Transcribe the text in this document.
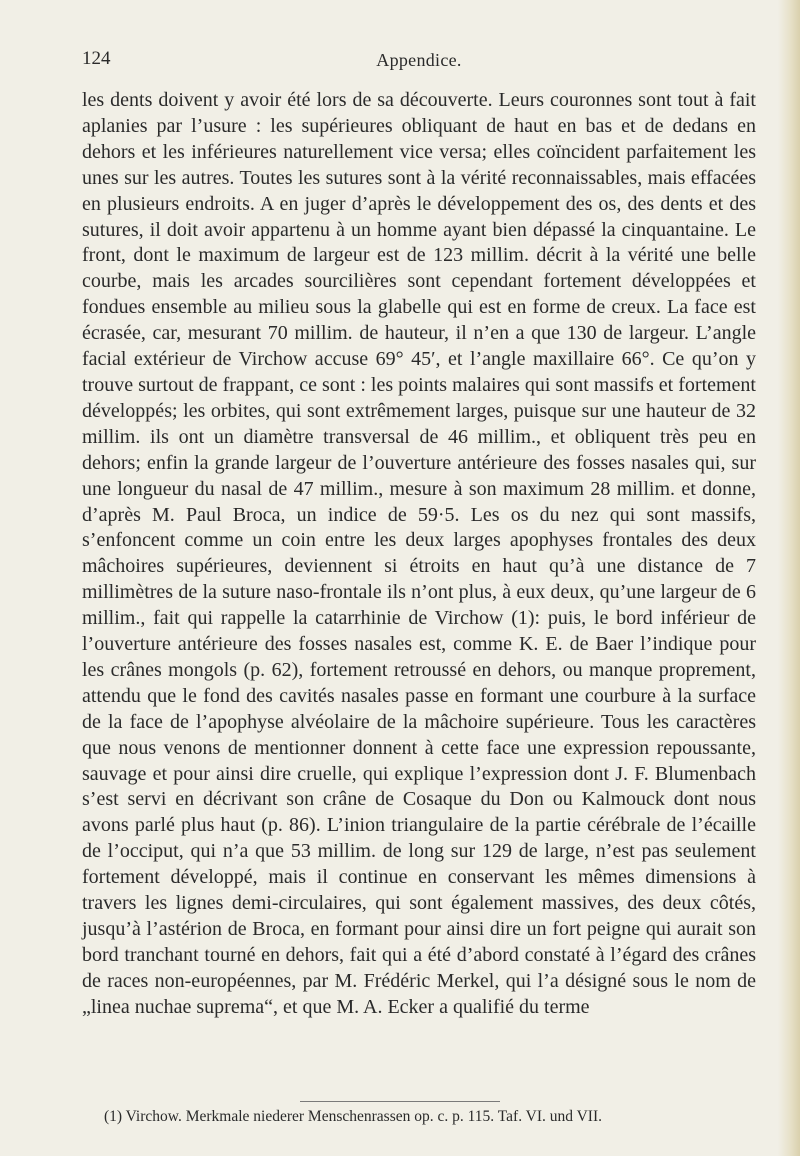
124	Appendice.

les dents doivent y avoir été lors de sa découverte. Leurs couronnes sont tout à fait aplanies par l’usure : les supérieures obliquant de haut en bas et de dedans en dehors et les inférieures naturellement vice versa; elles coïncident parfaitement les unes sur les autres. Toutes les sutures sont à la vérité reconnaissables, mais effacées en plusieurs endroits. A en juger d’après le développement des os, des dents et des sutures, il doit avoir appartenu à un homme ayant bien dépassé la cinquantaine. Le front, dont le maximum de largeur est de 123 millim. décrit à la vérité une belle courbe, mais les arcades sourcilières sont cependant fortement développées et fondues ensemble au milieu sous la glabelle qui est en forme de creux. La face est écrasée, car, mesurant 70 millim. de hauteur, il n’en a que 130 de largeur. L’angle facial extérieur de Virchow accuse 69° 45′, et l’angle maxillaire 66°. Ce qu’on y trouve surtout de frappant, ce sont : les points malaires qui sont massifs et fortement développés; les orbites, qui sont extrêmement larges, puisque sur une hauteur de 32 millim. ils ont un diamètre transversal de 46 millim., et obliquent très peu en dehors; enfin la grande largeur de l’ouverture antérieure des fosses nasales qui, sur une longueur du nasal de 47 millim., mesure à son maximum 28 millim. et donne, d’après M. Paul Broca, un indice de 59·5. Les os du nez qui sont massifs, s’enfoncent comme un coin entre les deux larges apophyses frontales des deux mâchoires supérieures, deviennent si étroits en haut qu’à une distance de 7 millimètres de la suture naso-frontale ils n’ont plus, à eux deux, qu’une largeur de 6 millim., fait qui rappelle la catarrhinie de Virchow (1): puis, le bord inférieur de l’ouverture antérieure des fosses nasales est, comme K. E. de Baer l’indique pour les crânes mongols (p. 62), fortement retroussé en dehors, ou manque proprement, attendu que le fond des cavités nasales passe en formant une courbure à la surface de la face de l’apophyse alvéolaire de la mâchoire supérieure. Tous les caractères que nous venons de mentionner donnent à cette face une expression repoussante, sauvage et pour ainsi dire cruelle, qui explique l’expression dont J. F. Blumenbach s’est servi en décrivant son crâne de Cosaque du Don ou Kalmouck dont nous avons parlé plus haut (p. 86). L’inion triangulaire de la partie cérébrale de l’écaille de l’occiput, qui n’a que 53 millim. de long sur 129 de large, n’est pas seulement fortement développé, mais il continue en conservant les mêmes dimensions à travers les lignes demi-circulaires, qui sont également massives, des deux côtés, jusqu’à l’astérion de Broca, en formant pour ainsi dire un fort peigne qui aurait son bord tranchant tourné en dehors, fait qui a été d’abord constaté à l’égard des crânes de races non-européennes, par M. Frédéric Merkel, qui l’a désigné sous le nom de „linea nuchae suprema“, et que M. A. Ecker a qualifié du terme

(1) Virchow. Merkmale niederer Menschenrassen op. c. p. 115. Taf. VI. und VII.
